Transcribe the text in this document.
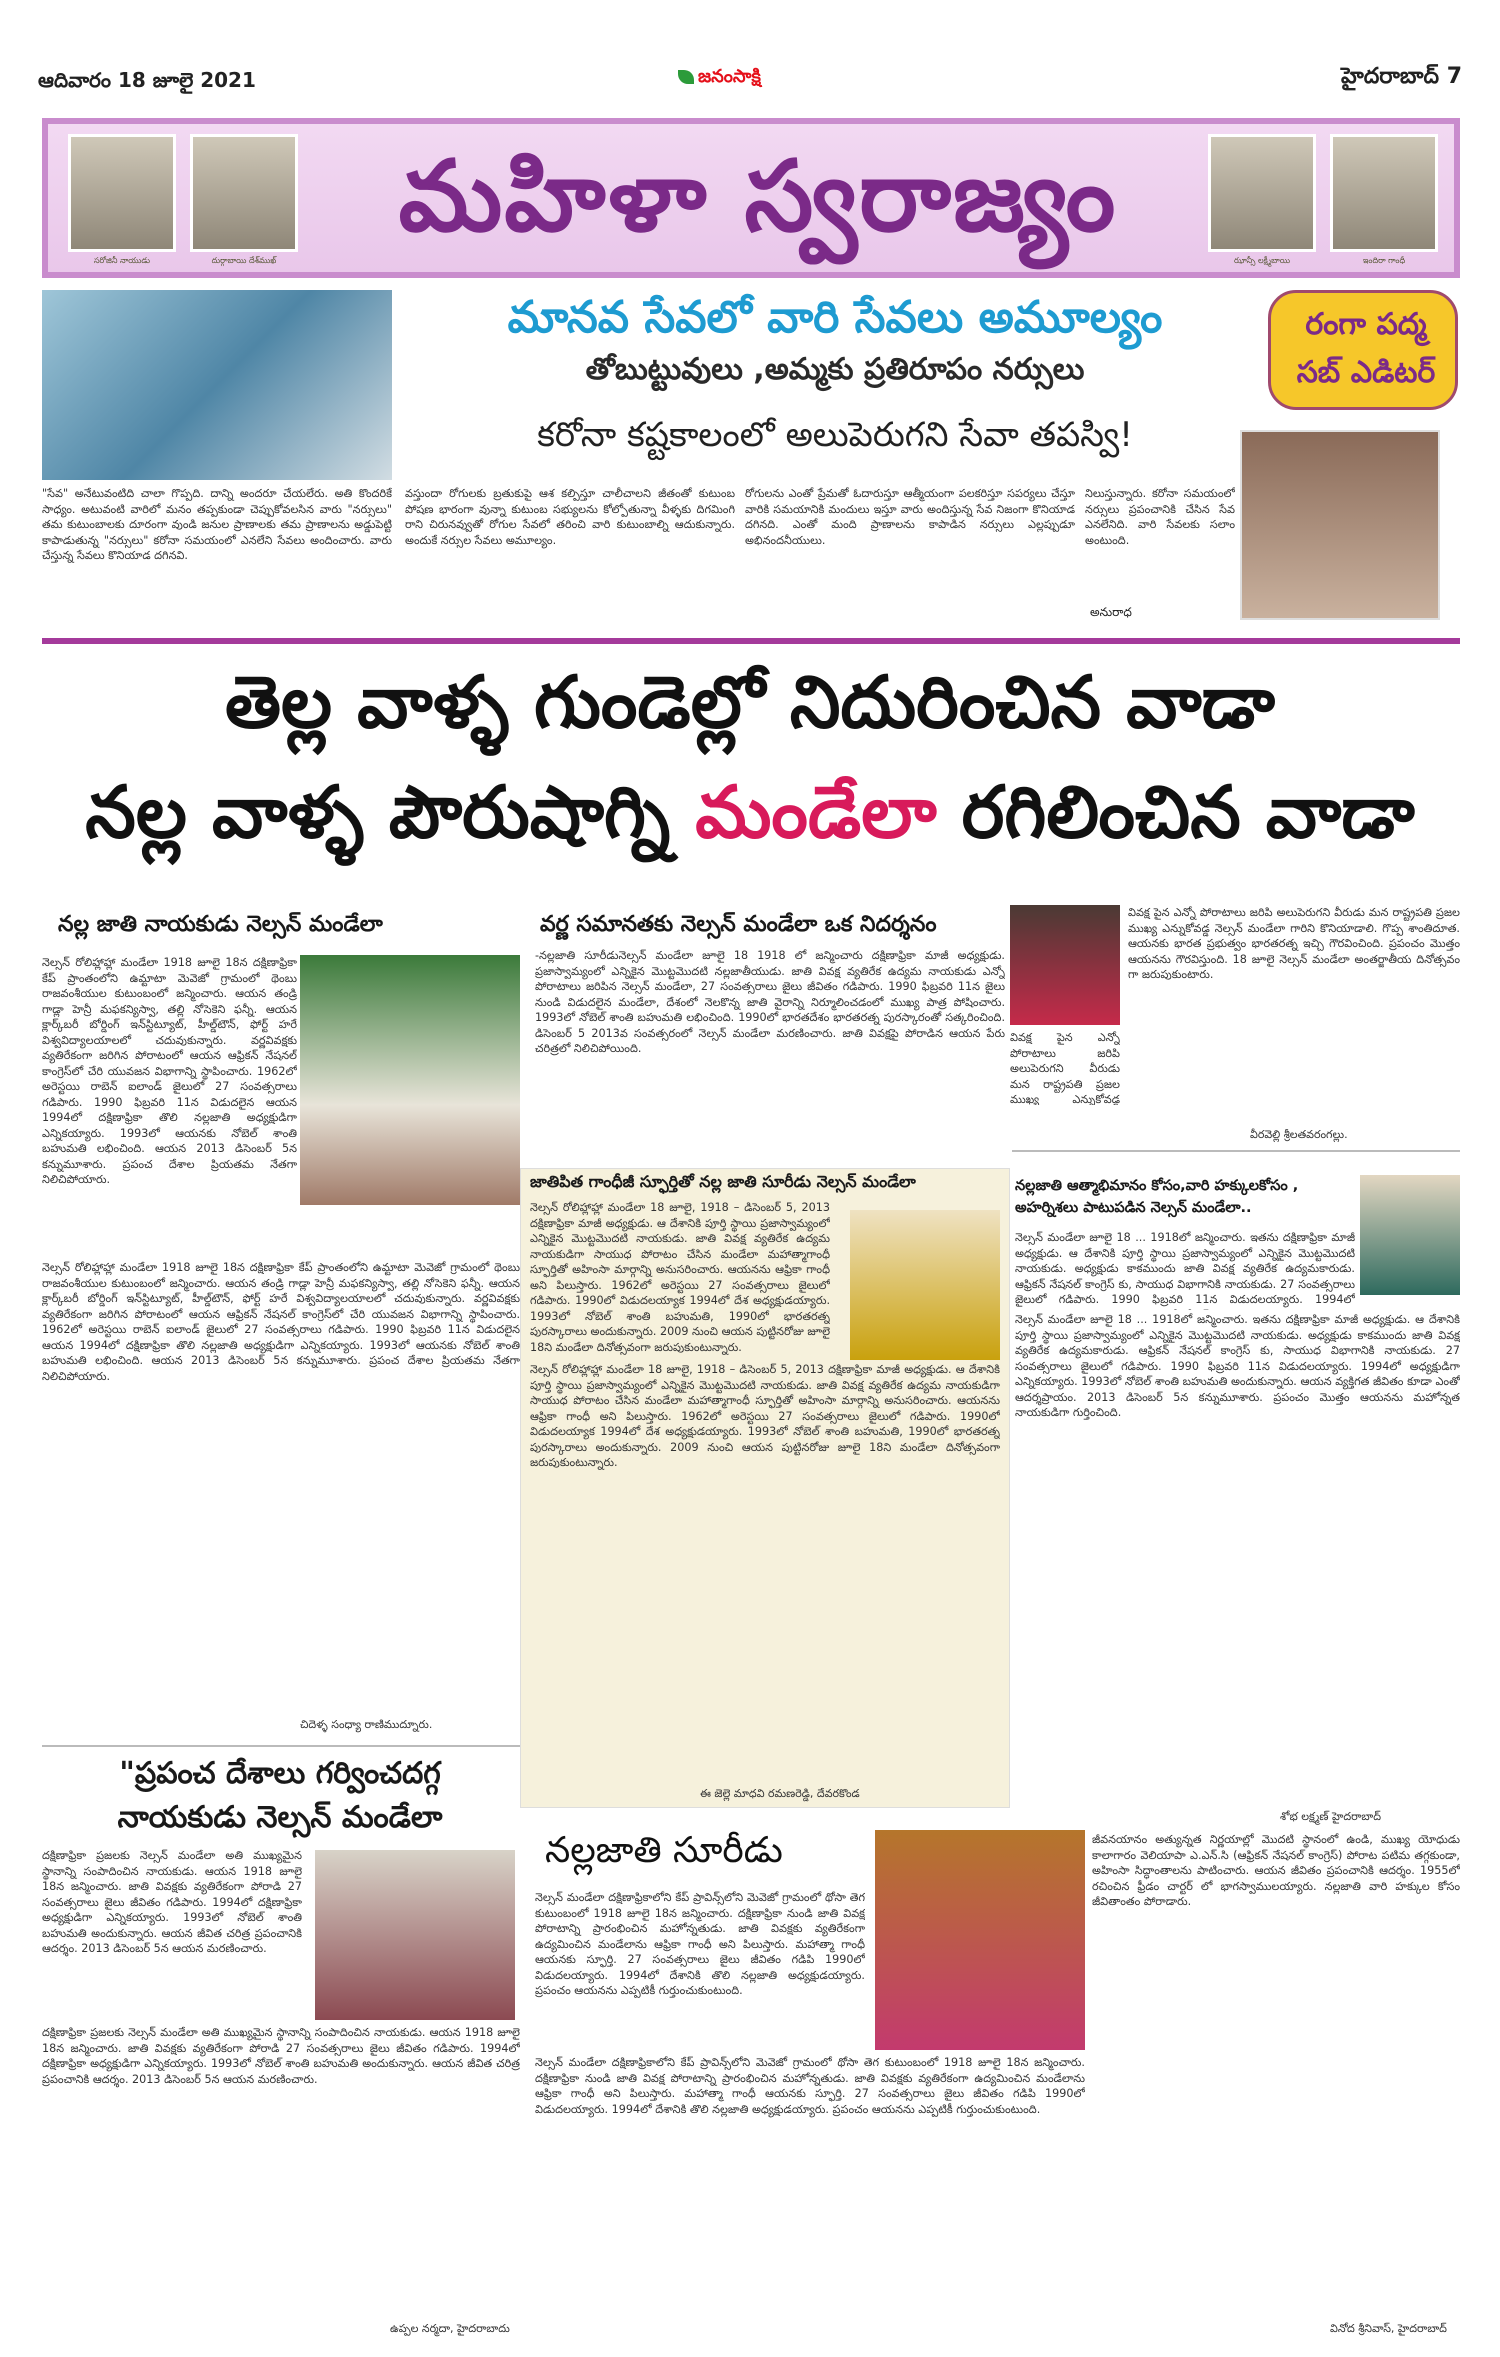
ఆదివారం 18 జూలై 2021	జనంసాక్షి	హైదరాబాద్ 7
సరోజినీ నాయుడు	దుర్గాబాయి దేశ్‌ముఖ్
మహిళా స్వరాజ్యం
ఝాన్సీ లక్ష్మీబాయి	ఇందిరా గాంధీ
మానవ సేవలో వారి సేవలు అమూల్యం
తోబుట్టువులు ,అమ్మకు ప్రతిరూపం నర్సులు
కరోనా కష్టకాలంలో అలుపెరుగని సేవా తపస్వి!
రంగా పద్మ
సబ్ ఎడిటర్
"సేవ" అనేటువంటిది చాలా గొప్పది. దాన్ని అందరూ చేయలేరు. అతి కొందరికే సాధ్యం. అటువంటి వారిలో మనం తప్పకుండా చెప్పుకోవలసిన వారు "నర్సులు" తమ కుటుంబాలకు దూరంగా వుండి జనుల ప్రాణాలకు తమ ప్రాణాలను అడ్డుపెట్టి కాపాడుతున్న "నర్సులు" కరోనా సమయంలో ఎనలేని సేవలు అందించారు. వారు చేస్తున్న సేవలు కొనియాడ దగినవి.
వస్తుందా రోగులకు బ్రతుకుపై ఆశ కల్పిస్తూ చాలీచాలని జీతంతో కుటుంబ పోషణ భారంగా వున్నా కుటుంబ సభ్యులను కోల్పోతున్నా వీళ్ళకు దిగమింగి రాని చిరునవ్వుతో రోగుల సేవలో తరించి వారి కుటుంబాల్ని ఆదుకున్నారు. అందుకే నర్సుల సేవలు అమూల్యం.
రోగులను ఎంతో ప్రేమతో ఓదారుస్తూ ఆత్మీయంగా పలకరిస్తూ సపర్యలు చేస్తూ వారికి సమయానికి మందులు ఇస్తూ వారు అందిస్తున్న సేవ నిజంగా కొనియాడ దగినది. ఎంతో మంది ప్రాణాలను కాపాడిన నర్సులు ఎల్లప్పుడూ అభినందనీయులు.
నిలుస్తున్నారు. కరోనా సమయంలో నర్సులు ప్రపంచానికి చేసిన సేవ ఎనలేనిది. వారి సేవలకు సలాం అంటుంది.
అనురాధ
తెల్ల వాళ్ళ గుండెల్లో నిదురించిన వాడా
నల్ల వాళ్ళ పౌరుషాగ్ని మండేలా రగిలించిన వాడా
నల్ల జాతి నాయకుడు నెల్సన్ మండేలా
నెల్సన్ రోలిహ్లాహ్లా మండేలా 1918 జూలై 18న దక్షిణాఫ్రికా కేప్ ప్రాంతంలోని ఉమ్టాటా మెవెజో గ్రామంలో థెంబు రాజవంశీయుల కుటుంబంలో జన్మించారు. ఆయన తండ్రి గాడ్లా హెన్రీ మఫకన్యిస్వా, తల్లి నోసెకెని ఫన్నీ. ఆయన క్లార్క్‌బరీ బోర్డింగ్ ఇన్‌స్టిట్యూట్, హీల్డ్‌టౌన్, ఫోర్ట్ హరే విశ్వవిద్యాలయాలలో చదువుకున్నారు. వర్ణవివక్షకు వ్యతిరేకంగా జరిగిన పోరాటంలో ఆయన ఆఫ్రికన్ నేషనల్ కాంగ్రెస్‌లో చేరి యువజన విభాగాన్ని స్థాపించారు. 1962లో అరెస్టయి రాబెన్ ఐలాండ్ జైలులో 27 సంవత్సరాలు గడిపారు. 1990 ఫిబ్రవరి 11న విడుదలైన ఆయన 1994లో దక్షిణాఫ్రికా తొలి నల్లజాతి అధ్యక్షుడిగా ఎన్నికయ్యారు. 1993లో ఆయనకు నోబెల్ శాంతి బహుమతి లభించింది. ఆయన 2013 డిసెంబర్ 5న కన్నుమూశారు. ప్రపంచ దేశాల ప్రియతమ నేతగా నిలిచిపోయారు.
నెల్సన్ రోలిహ్లాహ్లా మండేలా 1918 జూలై 18న దక్షిణాఫ్రికా కేప్ ప్రాంతంలోని ఉమ్టాటా మెవెజో గ్రామంలో థెంబు రాజవంశీయుల కుటుంబంలో జన్మించారు. ఆయన తండ్రి గాడ్లా హెన్రీ మఫకన్యిస్వా, తల్లి నోసెకెని ఫన్నీ. ఆయన క్లార్క్‌బరీ బోర్డింగ్ ఇన్‌స్టిట్యూట్, హీల్డ్‌టౌన్, ఫోర్ట్ హరే విశ్వవిద్యాలయాలలో చదువుకున్నారు. వర్ణవివక్షకు వ్యతిరేకంగా జరిగిన పోరాటంలో ఆయన ఆఫ్రికన్ నేషనల్ కాంగ్రెస్‌లో చేరి యువజన విభాగాన్ని స్థాపించారు. 1962లో అరెస్టయి రాబెన్ ఐలాండ్ జైలులో 27 సంవత్సరాలు గడిపారు. 1990 ఫిబ్రవరి 11న విడుదలైన ఆయన 1994లో దక్షిణాఫ్రికా తొలి నల్లజాతి అధ్యక్షుడిగా ఎన్నికయ్యారు. 1993లో ఆయనకు నోబెల్ శాంతి బహుమతి లభించింది. ఆయన 2013 డిసెంబర్ 5న కన్నుమూశారు. ప్రపంచ దేశాల ప్రియతమ నేతగా నిలిచిపోయారు.
చిదెళ్ళ సంధ్యా రాణిముద్నూరు.
"ప్రపంచ దేశాలు గర్వించదగ్గ నాయకుడు నెల్సన్ మండేలా
దక్షిణాఫ్రికా ప్రజలకు నెల్సన్ మండేలా అతి ముఖ్యమైన స్థానాన్ని సంపాదించిన నాయకుడు. ఆయన 1918 జూలై 18న జన్మించారు. జాతి వివక్షకు వ్యతిరేకంగా పోరాడి 27 సంవత్సరాలు జైలు జీవితం గడిపారు. 1994లో దక్షిణాఫ్రికా అధ్యక్షుడిగా ఎన్నికయ్యారు. 1993లో నోబెల్ శాంతి బహుమతి అందుకున్నారు. ఆయన జీవిత చరిత్ర ప్రపంచానికి ఆదర్శం. 2013 డిసెంబర్ 5న ఆయన మరణించారు.
దక్షిణాఫ్రికా ప్రజలకు నెల్సన్ మండేలా అతి ముఖ్యమైన స్థానాన్ని సంపాదించిన నాయకుడు. ఆయన 1918 జూలై 18న జన్మించారు. జాతి వివక్షకు వ్యతిరేకంగా పోరాడి 27 సంవత్సరాలు జైలు జీవితం గడిపారు. 1994లో దక్షిణాఫ్రికా అధ్యక్షుడిగా ఎన్నికయ్యారు. 1993లో నోబెల్ శాంతి బహుమతి అందుకున్నారు. ఆయన జీవిత చరిత్ర ప్రపంచానికి ఆదర్శం. 2013 డిసెంబర్ 5న ఆయన మరణించారు.
ఉప్పల నర్మదా, హైదరాబాదు
వర్ణ సమానతకు నెల్సన్ మండేలా ఒక నిదర్శనం
-నల్లజాతి సూరీడునెల్సన్ మండేలా జూలై 18 1918 లో జన్మించారు దక్షిణాఫ్రికా మాజీ అధ్యక్షుడు. ప్రజాస్వామ్యంలో ఎన్నికైన మొట్టమొదటి నల్లజాతీయుడు. జాతి వివక్ష వ్యతిరేక ఉద్యమ నాయకుడు ఎన్నో పోరాటాలు జరిపిన నెల్సన్ మండేలా, 27 సంవత్సరాలు జైలు జీవితం గడిపారు. 1990 ఫిబ్రవరి 11న జైలు నుండి విడుదలైన మండేలా, దేశంలో నెలకొన్న జాతి వైరాన్ని నిర్మూలించడంలో ముఖ్య పాత్ర పోషించారు. 1993లో నోబెల్ శాంతి బహుమతి లభించింది. 1990లో భారతదేశం భారతరత్న పురస్కారంతో సత్కరించింది. డిసెంబర్ 5 2013వ సంవత్సరంలో నెల్సన్ మండేలా మరణించారు. జాతి వివక్షపై పోరాడిన ఆయన పేరు చరిత్రలో నిలిచిపోయింది.
జాతిపిత గాంధీజీ స్ఫూర్తితో నల్ల జాతి సూరీడు నెల్సన్ మండేలా
నెల్సన్ రోలిహ్లాహ్లా మండేలా 18 జూలై, 1918 – డిసెంబర్ 5, 2013 దక్షిణాఫ్రికా మాజీ అధ్యక్షుడు. ఆ దేశానికి పూర్తి స్థాయి ప్రజాస్వామ్యంలో ఎన్నికైన మొట్టమొదటి నాయకుడు. జాతి వివక్ష వ్యతిరేక ఉద్యమ నాయకుడిగా సాయుధ పోరాటం చేసిన మండేలా మహాత్మాగాంధీ స్ఫూర్తితో అహింసా మార్గాన్ని అనుసరించారు. ఆయనను ఆఫ్రికా గాంధీ అని పిలుస్తారు. 1962లో అరెస్టయి 27 సంవత్సరాలు జైలులో గడిపారు. 1990లో విడుదలయ్యాక 1994లో దేశ అధ్యక్షుడయ్యారు. 1993లో నోబెల్ శాంతి బహుమతి, 1990లో భారతరత్న పురస్కారాలు అందుకున్నారు. 2009 నుంచి ఆయన పుట్టినరోజు జూలై 18ని మండేలా దినోత్సవంగా జరుపుకుంటున్నారు.
నెల్సన్ రోలిహ్లాహ్లా మండేలా 18 జూలై, 1918 – డిసెంబర్ 5, 2013 దక్షిణాఫ్రికా మాజీ అధ్యక్షుడు. ఆ దేశానికి పూర్తి స్థాయి ప్రజాస్వామ్యంలో ఎన్నికైన మొట్టమొదటి నాయకుడు. జాతి వివక్ష వ్యతిరేక ఉద్యమ నాయకుడిగా సాయుధ పోరాటం చేసిన మండేలా మహాత్మాగాంధీ స్ఫూర్తితో అహింసా మార్గాన్ని అనుసరించారు. ఆయనను ఆఫ్రికా గాంధీ అని పిలుస్తారు. 1962లో అరెస్టయి 27 సంవత్సరాలు జైలులో గడిపారు. 1990లో విడుదలయ్యాక 1994లో దేశ అధ్యక్షుడయ్యారు. 1993లో నోబెల్ శాంతి బహుమతి, 1990లో భారతరత్న పురస్కారాలు అందుకున్నారు. 2009 నుంచి ఆయన పుట్టినరోజు జూలై 18ని మండేలా దినోత్సవంగా జరుపుకుంటున్నారు.
ఈ జెల్లె మాధవి రమణరెడ్డి, దేవరకొండ
నల్లజాతి సూరీడు
నెల్సన్ మండేలా దక్షిణాఫ్రికాలోని కేప్ ప్రావిన్స్‌లోని మెవెజో గ్రామంలో థోసా తెగ కుటుంబంలో 1918 జూలై 18న జన్మించారు. దక్షిణాఫ్రికా నుండి జాతి వివక్ష పోరాటాన్ని ప్రారంభించిన మహోన్నతుడు. జాతి వివక్షకు వ్యతిరేకంగా ఉద్యమించిన మండేలాను ఆఫ్రికా గాంధీ అని పిలుస్తారు. మహాత్మా గాంధీ ఆయనకు స్ఫూర్తి. 27 సంవత్సరాలు జైలు జీవితం గడిపి 1990లో విడుదలయ్యారు. 1994లో దేశానికి తొలి నల్లజాతి అధ్యక్షుడయ్యారు. ప్రపంచం ఆయనను ఎప్పటికీ గుర్తుంచుకుంటుంది.
నెల్సన్ మండేలా దక్షిణాఫ్రికాలోని కేప్ ప్రావిన్స్‌లోని మెవెజో గ్రామంలో థోసా తెగ కుటుంబంలో 1918 జూలై 18న జన్మించారు. దక్షిణాఫ్రికా నుండి జాతి వివక్ష పోరాటాన్ని ప్రారంభించిన మహోన్నతుడు. జాతి వివక్షకు వ్యతిరేకంగా ఉద్యమించిన మండేలాను ఆఫ్రికా గాంధీ అని పిలుస్తారు. మహాత్మా గాంధీ ఆయనకు స్ఫూర్తి. 27 సంవత్సరాలు జైలు జీవితం గడిపి 1990లో విడుదలయ్యారు. 1994లో దేశానికి తొలి నల్లజాతి అధ్యక్షుడయ్యారు. ప్రపంచం ఆయనను ఎప్పటికీ గుర్తుంచుకుంటుంది.
వివక్ష పైన ఎన్నో పోరాటాలు జరిపి అలుపెరుగని వీరుడు మన రాష్ట్రపతి ప్రజల ముఖ్య ఎన్నుకోవడ్డ నెల్సన్ మండేలా గారిని కొనియాడాలి. గొప్ప శాంతిదూత. ఆయనకు భారత ప్రభుత్వం భారతరత్న ఇచ్చి గౌరవించింది. ప్రపంచం మొత్తం ఆయనను గౌరవిస్తుంది. 18 జూలై నెల్సన్ మండేలా అంతర్జాతీయ దినోత్సవం గా జరుపుకుంటారు.
వివక్ష పైన ఎన్నో పోరాటాలు జరిపి అలుపెరుగని వీరుడు మన రాష్ట్రపతి ప్రజల ముఖ్య ఎన్నుకోవడ్డ
వీరవెల్లి శ్రీలతవరంగల్లు.
నల్లజాతి ఆత్మాభిమానం కోసం,వారి హక్కులకోసం , అహర్నిశలు పాటుపడిన నెల్సన్ మండేలా..
నెల్సన్ మండేలా జూలై 18 ... 1918లో జన్మించారు. ఇతను దక్షిణాఫ్రికా మాజీ అధ్యక్షుడు. ఆ దేశానికి పూర్తి స్థాయి ప్రజాస్వామ్యంలో ఎన్నికైన మొట్టమొదటి నాయకుడు. అధ్యక్షుడు కాకముందు జాతి వివక్ష వ్యతిరేక ఉద్యమకారుడు. ఆఫ్రికన్ నేషనల్ కాంగ్రెస్ కు, సాయుధ విభాగానికి నాయకుడు. 27 సంవత్సరాలు జైలులో గడిపారు. 1990 ఫిబ్రవరి 11న విడుదలయ్యారు. 1994లో
నెల్సన్ మండేలా జూలై 18 ... 1918లో జన్మించారు. ఇతను దక్షిణాఫ్రికా మాజీ అధ్యక్షుడు. ఆ దేశానికి పూర్తి స్థాయి ప్రజాస్వామ్యంలో ఎన్నికైన మొట్టమొదటి నాయకుడు. అధ్యక్షుడు కాకముందు జాతి వివక్ష వ్యతిరేక ఉద్యమకారుడు. ఆఫ్రికన్ నేషనల్ కాంగ్రెస్ కు, సాయుధ విభాగానికి నాయకుడు. 27 సంవత్సరాలు జైలులో గడిపారు. 1990 ఫిబ్రవరి 11న విడుదలయ్యారు. 1994లో అధ్యక్షుడిగా ఎన్నికయ్యారు. 1993లో నోబెల్ శాంతి బహుమతి అందుకున్నారు. ఆయన వ్యక్తిగత జీవితం కూడా ఎంతో ఆదర్శప్రాయం. 2013 డిసెంబర్ 5న కన్నుమూశారు. ప్రపంచం మొత్తం ఆయనను మహోన్నత నాయకుడిగా గుర్తించింది.
శోభ లక్ష్మణ్ హైదరాబాద్
జీవనయానం అత్యున్నత నిర్ణయాల్లో మొదటి స్థానంలో ఉండి, ముఖ్య యోధుడు కాలాగారం వెలియాపా ఎ.ఎన్.సి (ఆఫ్రికన్ నేషనల్ కాంగ్రెస్) పోరాట పటిమ తగ్గకుండా, అహింసా సిద్ధాంతాలను పాటించారు. ఆయన జీవితం ప్రపంచానికి ఆదర్శం. 1955లో రచించిన ఫ్రీడం చార్టర్ లో భాగస్వాములయ్యారు. నల్లజాతి వారి హక్కుల కోసం జీవితాంతం పోరాడారు.
వినోద శ్రీనివాస్, హైదరాబాద్
